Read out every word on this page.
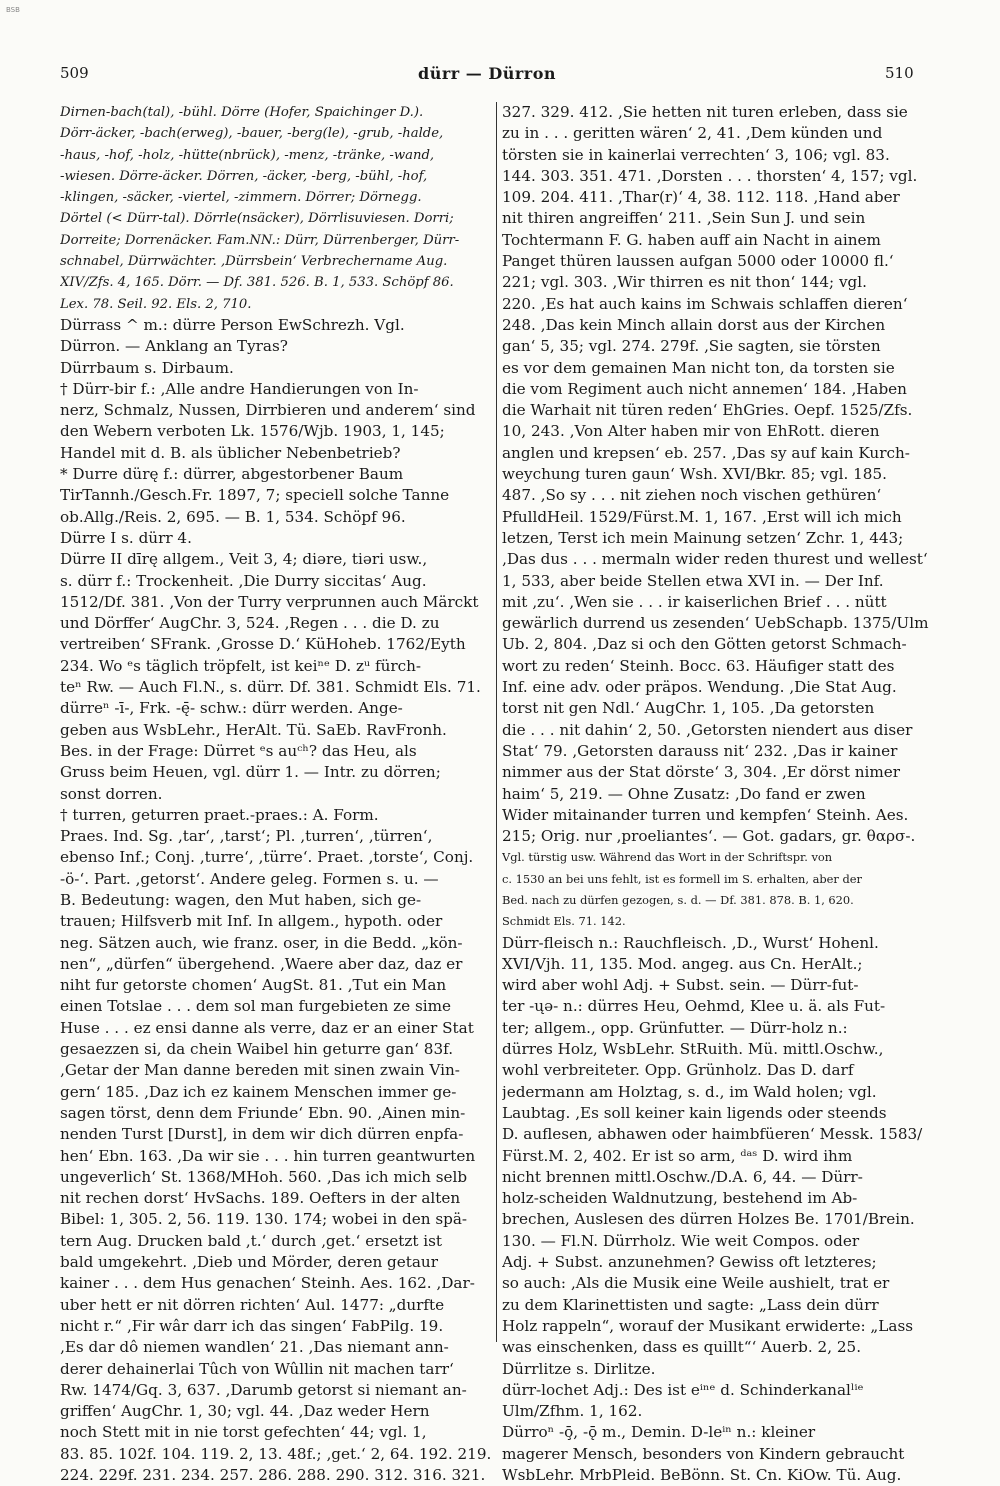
BSB
509	dürr — Dürron	510
Dirnen-bach(tal), -bühl. Dörre (Hofer, Spaichinger D.).
Dörr-äcker, -bach(erweg), -bauer, -berg(le), -grub, -halde,
-haus, -hof, -holz, -hütte(nbrück), -menz, -tränke, -wand,
-wiesen. Dörre-äcker. Dörren, -äcker, -berg, -bühl, -hof,
-klingen, -säcker, -viertel, -zimmern. Dörrer; Dörnegg.
Dörtel (< Dürr-tal). Dörrle(nsäcker), Dörrlisuviesen. Dorri;
Dorreite; Dorrenäcker. Fam.NN.: Dürr, Dürrenberger, Dürr-
schnabel, Dürrwächter. ‚Dürrsbein‘ Verbrechername Aug.
XIV/Zfs. 4, 165. Dörr. — Df. 381. 526. B. 1, 533. Schöpf 86.
Lex. 78. Seil. 92. Els. 2, 710.
Dürrass ^ m.: dürre Person EwSchrezh. Vgl.
Dürron. — Anklang an Tyras?
Dürrbaum s. Dirbaum.
† Dürr-bir f.: ‚Alle andre Handierungen von In-
nerz, Schmalz, Nussen, Dirrbieren und anderem‘ sind
den Webern verboten Lk. 1576/Wjb. 1903, 1, 145;
Handel mit d. B. als üblicher Nebenbetrieb?
* Durre dürę f.: dürrer, abgestorbener Baum
TirTannh./Gesch.Fr. 1897, 7; speciell solche Tanne
ob.Allg./Reis. 2, 695. — B. 1, 534. Schöpf 96.
Dürre I s. dürr 4.
Dürre II dīrę allgem., Veit 3, 4; diəre, tiəri usw.,
s. dürr f.: Trockenheit. ‚Die Durry siccitas‘ Aug.
1512/Df. 381. ‚Von der Turry verprunnen auch Märckt
und Dörffer‘ AugChr. 3, 524. ‚Regen . . . die D. zu
vertreiben‘ SFrank. ‚Grosse D.‘ KüHoheb. 1762/Eyth
234. Wo ᵉs täglich tröpfelt, ist keiⁿᵉ D. zᵘ fürch-
teⁿ Rw. — Auch Fl.N., s. dürr. Df. 381. Schmidt Els. 71.
dürreⁿ -ī-, Frk. -ę̄- schw.: dürr werden. Ange-
geben aus WsbLehr., HerAlt. Tü. SaEb. RavFronh.
Bes. in der Frage: Dürret ᵉs auᶜʰ? das Heu, als
Gruss beim Heuen, vgl. dürr 1. — Intr. zu dörren;
sonst dorren.
† turren, geturren praet.-praes.: A. Form.
Praes. Ind. Sg. ‚tar‘, ‚tarst‘; Pl. ‚turren‘, ‚türren‘,
ebenso Inf.; Conj. ‚turre‘, ‚türre‘. Praet. ‚torste‘, Conj.
-ö-‘. Part. ‚getorst‘. Andere geleg. Formen s. u. —
B. Bedeutung: wagen, den Mut haben, sich ge-
trauen; Hilfsverb mit Inf. In allgem., hypoth. oder
neg. Sätzen auch, wie franz. oser, in die Bedd. „kön-
nen“, „dürfen“ übergehend. ‚Waere aber daz, daz er
niht fur getorste chomen‘ AugSt. 81. ‚Tut ein Man
einen Totslae . . . dem sol man furgebieten ze sime
Huse . . . ez ensi danne als verre, daz er an einer Stat
gesaezzen si, da chein Waibel hin geturre gan‘ 83f.
‚Getar der Man danne bereden mit sinen zwain Vin-
gern‘ 185. ‚Daz ich ez kainem Menschen immer ge-
sagen törst, denn dem Friunde‘ Ebn. 90. ‚Ainen min-
nenden Turst [Durst], in dem wir dich dürren enpfa-
hen‘ Ebn. 163. ‚Da wir sie . . . hin turren geantwurten
ungeverlich‘ St. 1368/MHoh. 560. ‚Das ich mich selb
nit rechen dorst‘ HvSachs. 189. Oefters in der alten
Bibel: 1, 305. 2, 56. 119. 130. 174; wobei in den spä-
tern Aug. Drucken bald ‚t.‘ durch ‚get.‘ ersetzt ist
bald umgekehrt. ‚Dieb und Mörder, deren getaur
kainer . . . dem Hus genachen‘ Steinh. Aes. 162. ‚Dar-
uber hett er nit dörren richten‘ Aul. 1477: „durfte
nicht r.“ ‚Fir wâr darr ich das singen‘ FabPilg. 19.
‚Es dar dô niemen wandlen‘ 21. ‚Das niemant ann-
derer dehainerlai Tûch von Wûllin nit machen tarr‘
Rw. 1474/Gq. 3, 637. ‚Darumb getorst si niemant an-
griffen‘ AugChr. 1, 30; vgl. 44. ‚Daz weder Hern
noch Stett mit in nie torst gefechten‘ 44; vgl. 1,
83. 85. 102f. 104. 119. 2, 13. 48f.; ‚get.‘ 2, 64. 192. 219.
224. 229f. 231. 234. 257. 286. 288. 290. 312. 316. 321.
327. 329. 412. ‚Sie hetten nit turen erleben, dass sie
zu in . . . geritten wären‘ 2, 41. ‚Dem künden und
törsten sie in kainerlai verrechten‘ 3, 106; vgl. 83.
144. 303. 351. 471. ‚Dorsten . . . thorsten‘ 4, 157; vgl.
109. 204. 411. ‚Thar(r)‘ 4, 38. 112. 118. ‚Hand aber
nit thiren angreiffen‘ 211. ‚Sein Sun J. und sein
Tochtermann F. G. haben auff ain Nacht in ainem
Panget thüren laussen aufgan 5000 oder 10000 fl.‘
221; vgl. 303. ‚Wir thirren es nit thon‘ 144; vgl.
220. ‚Es hat auch kains im Schwais schlaffen dieren‘
248. ‚Das kein Minch allain dorst aus der Kirchen
gan‘ 5, 35; vgl. 274. 279f. ‚Sie sagten, sie törsten
es vor dem gemainen Man nicht ton, da torsten sie
die vom Regiment auch nicht annemen‘ 184. ‚Haben
die Warhait nit türen reden‘ EhGries. Oepf. 1525/Zfs.
10, 243. ‚Von Alter haben mir von EhRott. dieren
anglen und krepsen‘ eb. 257. ‚Das sy auf kain Kurch-
weychung turen gaun‘ Wsh. XVI/Bkr. 85; vgl. 185.
487. ‚So sy . . . nit ziehen noch vischen gethüren‘
PfulldHeil. 1529/Fürst.M. 1, 167. ‚Erst will ich mich
letzen, Terst ich mein Mainung setzen‘ Zchr. 1, 443;
‚Das dus . . . mermaln wider reden thurest und wellest‘
1, 533, aber beide Stellen etwa XVI in. — Der Inf.
mit ‚zu‘. ‚Wen sie . . . ir kaiserlichen Brief . . . nütt
gewärlich durrend us zesenden‘ UebSchapb. 1375/Ulm
Ub. 2, 804. ‚Daz si och den Götten getorst Schmach-
wort zu reden‘ Steinh. Bocc. 63. Häufiger statt des
Inf. eine adv. oder präpos. Wendung. ‚Die Stat Aug.
torst nit gen Ndl.‘ AugChr. 1, 105. ‚Da getorsten
die . . . nit dahin‘ 2, 50. ‚Getorsten niendert aus diser
Stat‘ 79. ‚Getorsten darauss nit‘ 232. ‚Das ir kainer
nimmer aus der Stat dörste‘ 3, 304. ‚Er dörst nimer
haim‘ 5, 219. — Ohne Zusatz: ‚Do fand er zwen
Wider mitainander turren und kempfen‘ Steinh. Aes.
215; Orig. nur ‚proeliantes‘. — Got. gadars, gr. θαρσ-.
Vgl. türstig usw. Während das Wort in der Schriftspr. von
c. 1530 an bei uns fehlt, ist es formell im S. erhalten, aber der
Bed. nach zu dürfen gezogen, s. d. — Df. 381. 878. B. 1, 620.
Schmidt Els. 71. 142.
Dürr-fleisch n.: Rauchfleisch. ‚D., Wurst‘ Hohenl.
XVI/Vjh. 11, 135. Mod. angeg. aus Cn. HerAlt.;
wird aber wohl Adj. + Subst. sein. — Dürr-fut-
ter -ųə- n.: dürres Heu, Oehmd, Klee u. ä. als Fut-
ter; allgem., opp. Grünfutter. — Dürr-holz n.:
dürres Holz, WsbLehr. StRuith. Mü. mittl.Oschw.,
wohl verbreiteter. Opp. Grünholz. Das D. darf
jedermann am Holztag, s. d., im Wald holen; vgl.
Laubtag. ‚Es soll keiner kain ligends oder steends
D. auflesen, abhawen oder haimbfüeren‘ Messk. 1583/
Fürst.M. 2, 402. Er ist so arm, ᵈᵃˢ D. wird ihm
nicht brennen mittl.Oschw./D.A. 6, 44. — Dürr-
holz-scheiden Waldnutzung, bestehend im Ab-
brechen, Auslesen des dürren Holzes Be. 1701/Brein.
130. — Fl.N. Dürrholz. Wie weit Compos. oder
Adj. + Subst. anzunehmen? Gewiss oft letzteres;
so auch: ‚Als die Musik eine Weile aushielt, trat er
zu dem Klarinettisten und sagte: „Lass dein dürr
Holz rappeln“, worauf der Musikant erwiderte: „Lass
was einschenken, dass es quillt“‘ Auerb. 2, 25.
Dürrlitze s. Dirlitze.
dürr-lochet Adj.: Des ist eⁱⁿᵉ d. Schinderkanalˡⁱᵉ
Ulm/Zfhm. 1, 162.
Dürroⁿ -ō̧, -ǭ m., Demin. D-leⁱⁿ n.: kleiner
magerer Mensch, besonders von Kindern gebraucht
WsbLehr. MrbPleid. BeBönn. St. Cn. KiOw. Tü. Aug.
